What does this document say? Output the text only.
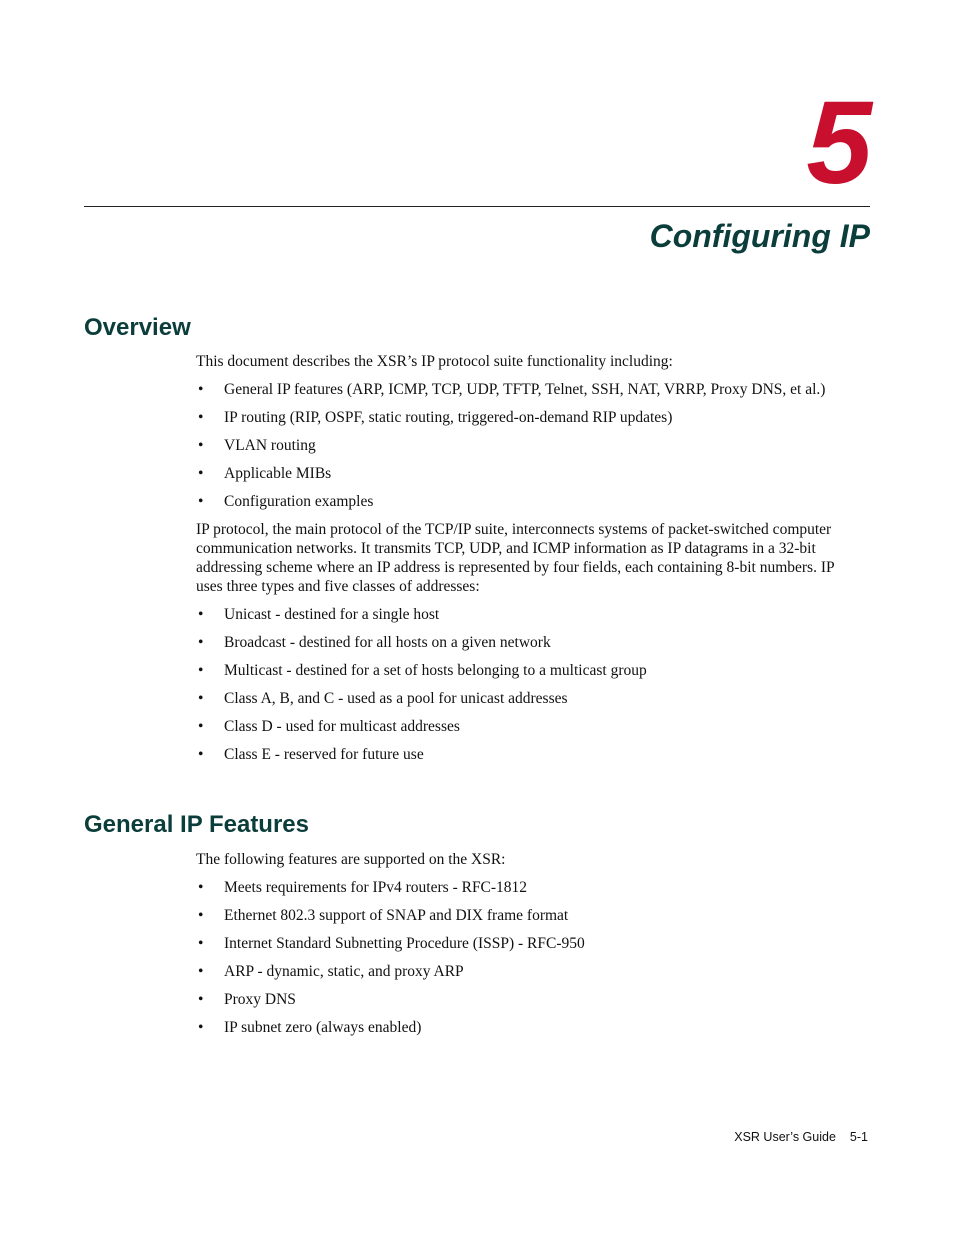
5
Configuring IP
Overview

This document describes the XSR’s IP protocol suite functionality including:

• General IP features (ARP, ICMP, TCP, UDP, TFTP, Telnet, SSH, NAT, VRRP, Proxy DNS, et al.)
• IP routing (RIP, OSPF, static routing, triggered-on-demand RIP updates)
• VLAN routing
• Applicable MIBs
• Configuration examples

IP protocol, the main protocol of the TCP/IP suite, interconnects systems of packet-switched computer communication networks. It transmits TCP, UDP, and ICMP information as IP datagrams in a 32-bit addressing scheme where an IP address is represented by four fields, each containing 8-bit numbers. IP uses three types and five classes of addresses:

• Unicast - destined for a single host
• Broadcast - destined for all hosts on a given network
• Multicast - destined for a set of hosts belonging to a multicast group
• Class A, B, and C - used as a pool for unicast addresses
• Class D - used for multicast addresses
• Class E - reserved for future use
General IP Features

The following features are supported on the XSR:

• Meets requirements for IPv4 routers - RFC-1812
• Ethernet 802.3 support of SNAP and DIX frame format
• Internet Standard Subnetting Procedure (ISSP) - RFC-950
• ARP - dynamic, static, and proxy ARP
• Proxy DNS
• IP subnet zero (always enabled)
XSR User’s Guide 5-1
